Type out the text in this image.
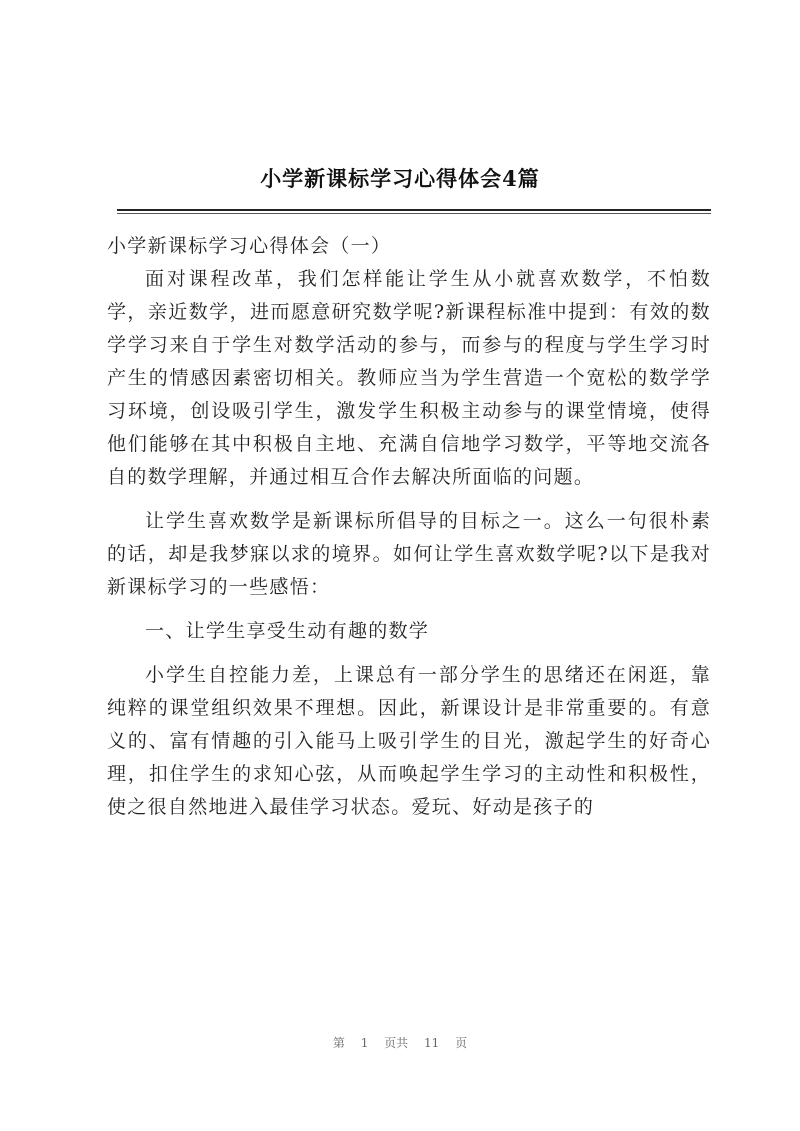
小学新课标学习心得体会4篇

小学新课标学习心得体会（一）

面对课程改革，我们怎样能让学生从小就喜欢数学，不怕数学，亲近数学，进而愿意研究数学呢?新课程标准中提到：有效的数学学习来自于学生对数学活动的参与，而参与的程度与学生学习时产生的情感因素密切相关。教师应当为学生营造一个宽松的数学学习环境，创设吸引学生，激发学生积极主动参与的课堂情境，使得他们能够在其中积极自主地、充满自信地学习数学，平等地交流各自的数学理解，并通过相互合作去解决所面临的问题。

让学生喜欢数学是新课标所倡导的目标之一。这么一句很朴素的话，却是我梦寐以求的境界。如何让学生喜欢数学呢?以下是我对新课标学习的一些感悟：

一、让学生享受生动有趣的数学

小学生自控能力差，上课总有一部分学生的思绪还在闲逛，靠纯粹的课堂组织效果不理想。因此，新课设计是非常重要的。有意义的、富有情趣的引入能马上吸引学生的目光，激起学生的好奇心理，扣住学生的求知心弦，从而唤起学生学习的主动性和积极性，使之很自然地进入最佳学习状态。爱玩、好动是孩子的

第 1 页共 11 页
